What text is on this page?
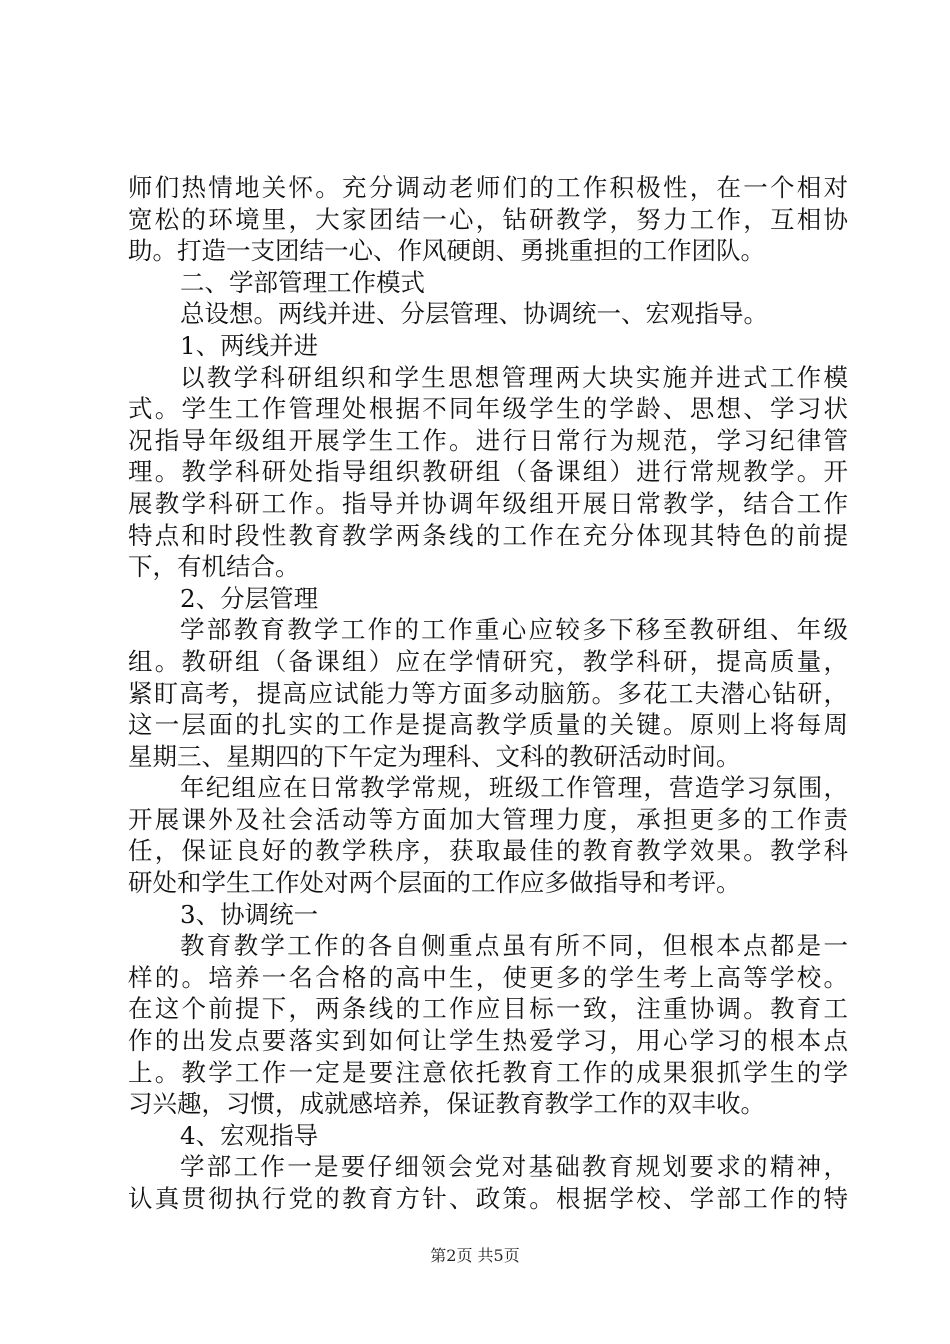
师们热情地关怀。充分调动老师们的工作积极性，在一个相对
宽松的环境里，大家团结一心，钻研教学，努力工作，互相协
助。打造一支团结一心、作风硬朗、勇挑重担的工作团队。
二、学部管理工作模式
总设想。两线并进、分层管理、协调统一、宏观指导。
1、两线并进
以教学科研组织和学生思想管理两大块实施并进式工作模
式。学生工作管理处根据不同年级学生的学龄、思想、学习状
况指导年级组开展学生工作。进行日常行为规范，学习纪律管
理。教学科研处指导组织教研组（备课组）进行常规教学。开
展教学科研工作。指导并协调年级组开展日常教学，结合工作
特点和时段性教育教学两条线的工作在充分体现其特色的前提
下，有机结合。
2、分层管理
学部教育教学工作的工作重心应较多下移至教研组、年级
组。教研组（备课组）应在学情研究，教学科研，提高质量，
紧盯高考，提高应试能力等方面多动脑筋。多花工夫潜心钻研，
这一层面的扎实的工作是提高教学质量的关键。原则上将每周
星期三、星期四的下午定为理科、文科的教研活动时间。
年纪组应在日常教学常规，班级工作管理，营造学习氛围，
开展课外及社会活动等方面加大管理力度，承担更多的工作责
任，保证良好的教学秩序，获取最佳的教育教学效果。教学科
研处和学生工作处对两个层面的工作应多做指导和考评。
3、协调统一
教育教学工作的各自侧重点虽有所不同，但根本点都是一
样的。培养一名合格的高中生，使更多的学生考上高等学校。
在这个前提下，两条线的工作应目标一致，注重协调。教育工
作的出发点要落实到如何让学生热爱学习，用心学习的根本点
上。教学工作一定是要注意依托教育工作的成果狠抓学生的学
习兴趣，习惯，成就感培养，保证教育教学工作的双丰收。
4、宏观指导
学部工作一是要仔细领会党对基础教育规划要求的精神，
认真贯彻执行党的教育方针、政策。根据学校、学部工作的特
第2页 共5页
